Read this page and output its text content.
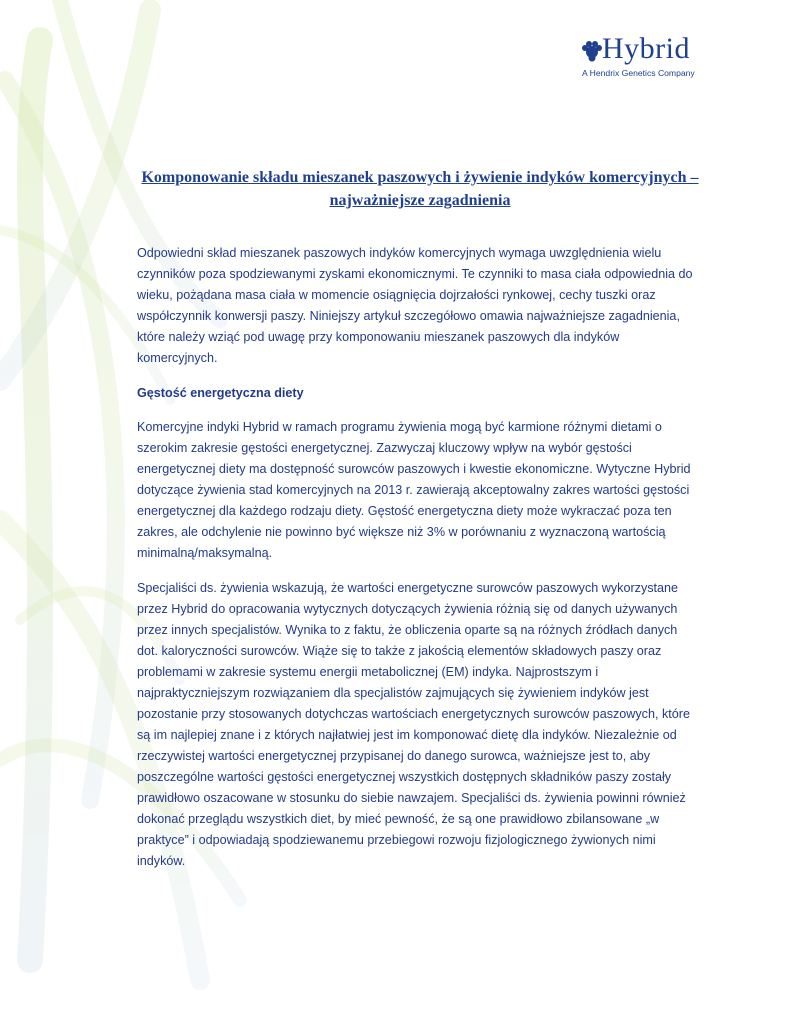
Hybrid
A Hendrix Genetics Company
Komponowanie składu mieszanek paszowych i żywienie indyków komercyjnych – najważniejsze zagadnienia

Odpowiedni skład mieszanek paszowych indyków komercyjnych wymaga uwzględnienia wielu czynników poza spodziewanymi zyskami ekonomicznymi. Te czynniki to masa ciała odpowiednia do wieku, pożądana masa ciała w momencie osiągnięcia dojrzałości rynkowej, cechy tuszki oraz współczynnik konwersji paszy. Niniejszy artykuł szczegółowo omawia najważniejsze zagadnienia, które należy wziąć pod uwagę przy komponowaniu mieszanek paszowych dla indyków komercyjnych.

Gęstość energetyczna diety

Komercyjne indyki Hybrid w ramach programu żywienia mogą być karmione różnymi dietami o szerokim zakresie gęstości energetycznej. Zazwyczaj kluczowy wpływ na wybór gęstości energetycznej diety ma dostępność surowców paszowych i kwestie ekonomiczne. Wytyczne Hybrid dotyczące żywienia stad komercyjnych na 2013 r. zawierają akceptowalny zakres wartości gęstości energetycznej dla każdego rodzaju diety. Gęstość energetyczna diety może wykraczać poza ten zakres, ale odchylenie nie powinno być większe niż 3% w porównaniu z wyznaczoną wartością minimalną/maksymalną.

Specjaliści ds. żywienia wskazują, że wartości energetyczne surowców paszowych wykorzystane przez Hybrid do opracowania wytycznych dotyczących żywienia różnią się od danych używanych przez innych specjalistów. Wynika to z faktu, że obliczenia oparte są na różnych źródłach danych dot. kaloryczności surowców. Wiąże się to także z jakością elementów składowych paszy oraz problemami w zakresie systemu energii metabolicznej (EM) indyka. Najprostszym i najpraktyczniejszym rozwiązaniem dla specjalistów zajmujących się żywieniem indyków jest pozostanie przy stosowanych dotychczas wartościach energetycznych surowców paszowych, które są im najlepiej znane i z których najłatwiej jest im komponować dietę dla indyków. Niezależnie od rzeczywistej wartości energetycznej przypisanej do danego surowca, ważniejsze jest to, aby poszczególne wartości gęstości energetycznej wszystkich dostępnych składników paszy zostały prawidłowo oszacowane w stosunku do siebie nawzajem. Specjaliści ds. żywienia powinni również dokonać przeglądu wszystkich diet, by mieć pewność, że są one prawidłowo zbilansowane „w praktyce” i odpowiadają spodziewanemu przebiegowi rozwoju fizjologicznego żywionych nimi indyków.
